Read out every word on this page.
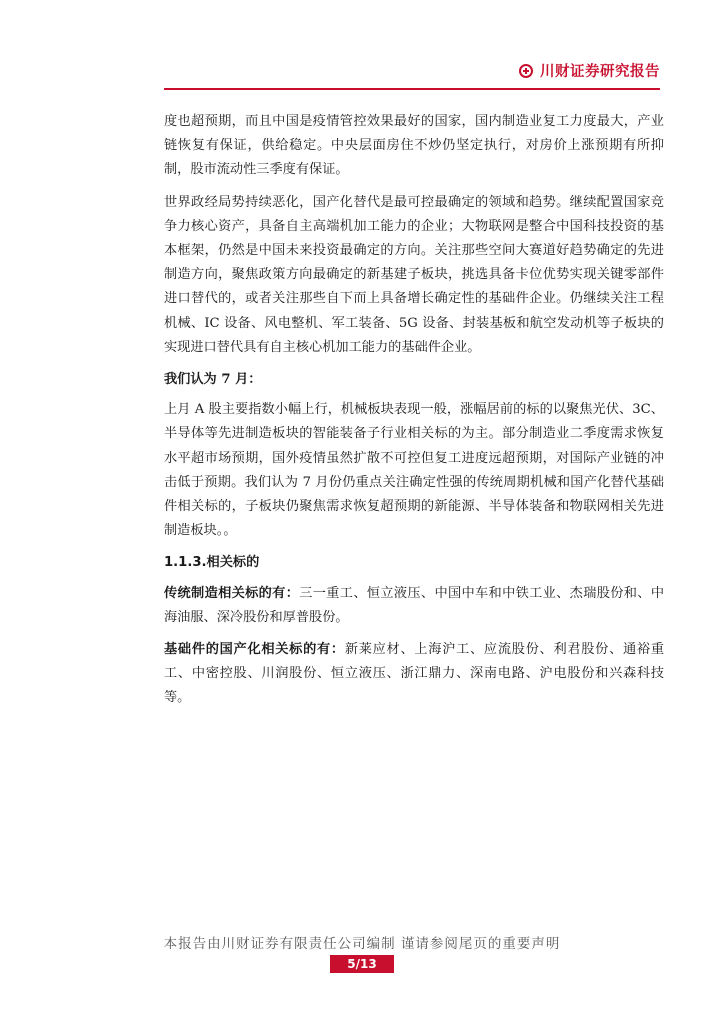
川财证券研究报告

度也超预期，而且中国是疫情管控效果最好的国家，国内制造业复工力度最大，产业链恢复有保证，供给稳定。中央层面房住不炒仍坚定执行，对房价上涨预期有所抑制，股市流动性三季度有保证。

世界政经局势持续恶化，国产化替代是最可控最确定的领域和趋势。继续配置国家竞争力核心资产，具备自主高端机加工能力的企业；大物联网是整合中国科技投资的基本框架，仍然是中国未来投资最确定的方向。关注那些空间大赛道好趋势确定的先进制造方向，聚焦政策方向最确定的新基建子板块，挑选具备卡位优势实现关键零部件进口替代的，或者关注那些自下而上具备增长确定性的基础件企业。仍继续关注工程机械、IC 设备、风电整机、军工装备、5G 设备、封装基板和航空发动机等子板块的实现进口替代具有自主核心机加工能力的基础件企业。

我们认为 7 月：

上月 A 股主要指数小幅上行，机械板块表现一般，涨幅居前的标的以聚焦光伏、3C、半导体等先进制造板块的智能装备子行业相关标的为主。部分制造业二季度需求恢复水平超市场预期，国外疫情虽然扩散不可控但复工进度远超预期，对国际产业链的冲击低于预期。我们认为 7 月份仍重点关注确定性强的传统周期机械和国产化替代基础件相关标的，子板块仍聚焦需求恢复超预期的新能源、半导体装备和物联网相关先进制造板块。。

1.1.3.相关标的

传统制造相关标的有：三一重工、恒立液压、中国中车和中铁工业、杰瑞股份和、中海油服、深冷股份和厚普股份。

基础件的国产化相关标的有：新莱应材、上海沪工、应流股份、利君股份、通裕重工、中密控股、川润股份、恒立液压、浙江鼎力、深南电路、沪电股份和兴森科技等。

本报告由川财证券有限责任公司编制 谨请参阅尾页的重要声明
5/13
